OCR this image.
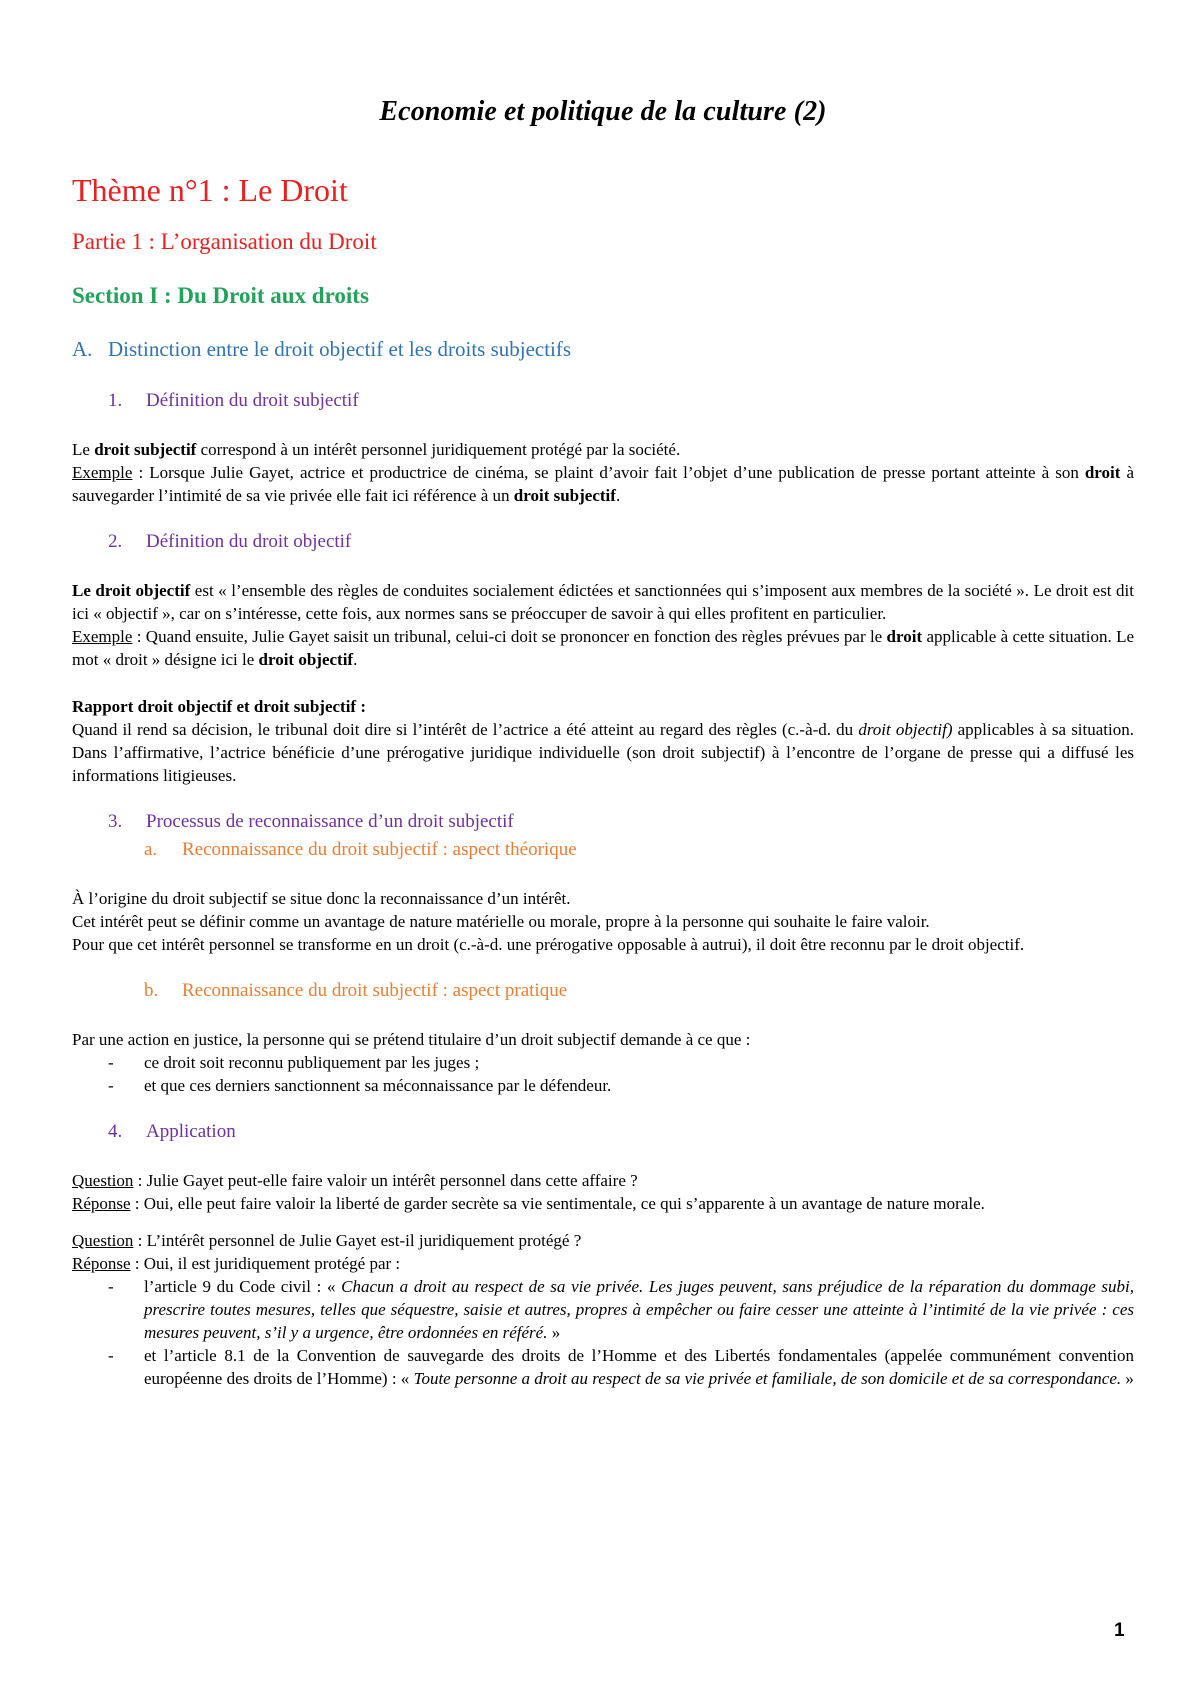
Economie et politique de la culture (2)
Thème n°1 : Le Droit
Partie 1 : L’organisation du Droit
Section I : Du Droit aux droits
A. Distinction entre le droit objectif et les droits subjectifs
1. Définition du droit subjectif

Le droit subjectif correspond à un intérêt personnel juridiquement protégé par la société.
Exemple : Lorsque Julie Gayet, actrice et productrice de cinéma, se plaint d’avoir fait l’objet d’une publication de presse portant atteinte à son droit à sauvegarder l’intimité de sa vie privée elle fait ici référence à un droit subjectif.

2. Définition du droit objectif

Le droit objectif est « l’ensemble des règles de conduites socialement édictées et sanctionnées qui s’imposent aux membres de la société ». Le droit est dit ici « objectif », car on s’intéresse, cette fois, aux normes sans se préoccuper de savoir à qui elles profitent en particulier.
Exemple : Quand ensuite, Julie Gayet saisit un tribunal, celui-ci doit se prononcer en fonction des règles prévues par le droit applicable à cette situation. Le mot « droit » désigne ici le droit objectif.

Rapport droit objectif et droit subjectif :
Quand il rend sa décision, le tribunal doit dire si l’intérêt de l’actrice a été atteint au regard des règles (c.-à-d. du droit objectif) applicables à sa situation. Dans l’affirmative, l’actrice bénéficie d’une prérogative juridique individuelle (son droit subjectif) à l’encontre de l’organe de presse qui a diffusé les informations litigieuses.

3. Processus de reconnaissance d’un droit subjectif
a. Reconnaissance du droit subjectif : aspect théorique

À l’origine du droit subjectif se situe donc la reconnaissance d’un intérêt.
Cet intérêt peut se définir comme un avantage de nature matérielle ou morale, propre à la personne qui souhaite le faire valoir.
Pour que cet intérêt personnel se transforme en un droit (c.-à-d. une prérogative opposable à autrui), il doit être reconnu par le droit objectif.

b. Reconnaissance du droit subjectif : aspect pratique

Par une action en justice, la personne qui se prétend titulaire d’un droit subjectif demande à ce que :

- ce droit soit reconnu publiquement par les juges ;
- et que ces derniers sanctionnent sa méconnaissance par le défendeur.
4. Application

Question : Julie Gayet peut-elle faire valoir un intérêt personnel dans cette affaire ?
Réponse : Oui, elle peut faire valoir la liberté de garder secrète sa vie sentimentale, ce qui s’apparente à un avantage de nature morale.

Question : L’intérêt personnel de Julie Gayet est-il juridiquement protégé ?
Réponse : Oui, il est juridiquement protégé par :

- l’article 9 du Code civil : « Chacun a droit au respect de sa vie privée. Les juges peuvent, sans préjudice de la réparation du dommage subi, prescrire toutes mesures, telles que séquestre, saisie et autres, propres à empêcher ou faire cesser une atteinte à l’intimité de la vie privée : ces mesures peuvent, s’il y a urgence, être ordonnées en référé. »
- et l’article 8.1 de la Convention de sauvegarde des droits de l’Homme et des Libertés fondamentales (appelée communément convention européenne des droits de l’Homme) : « Toute personne a droit au respect de sa vie privée et familiale, de son domicile et de sa correspondance. »
1
